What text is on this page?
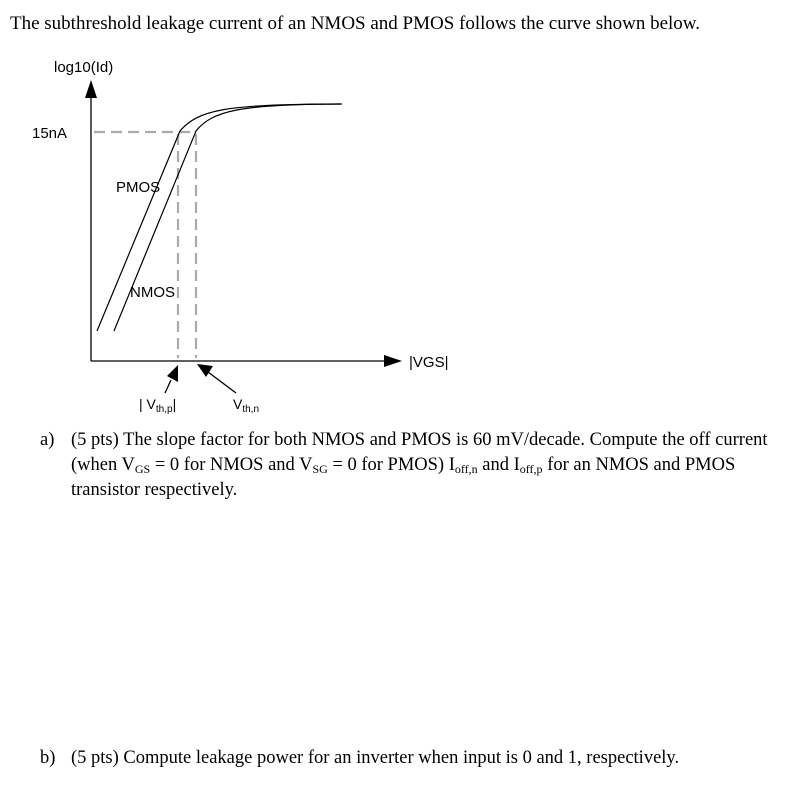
The subthreshold leakage current of an NMOS and PMOS follows the curve shown below.
log10(Id)
15nA
|VGS|
PMOS
NMOS
| $V_{th,p}|$	$V_{th,n}$
a) (5 pts) The slope factor for both NMOS and PMOS is 60 mV/decade. Compute the off current
(when $V_{GS} = 0$ for NMOS and $V_{SG} = 0$ for PMOS) $I_{off,n}$ and $I_{off,p}$ for an NMOS and PMOS
transistor respectively.
b) (5 pts) Compute leakage power for an inverter when input is 0 and 1, respectively.
